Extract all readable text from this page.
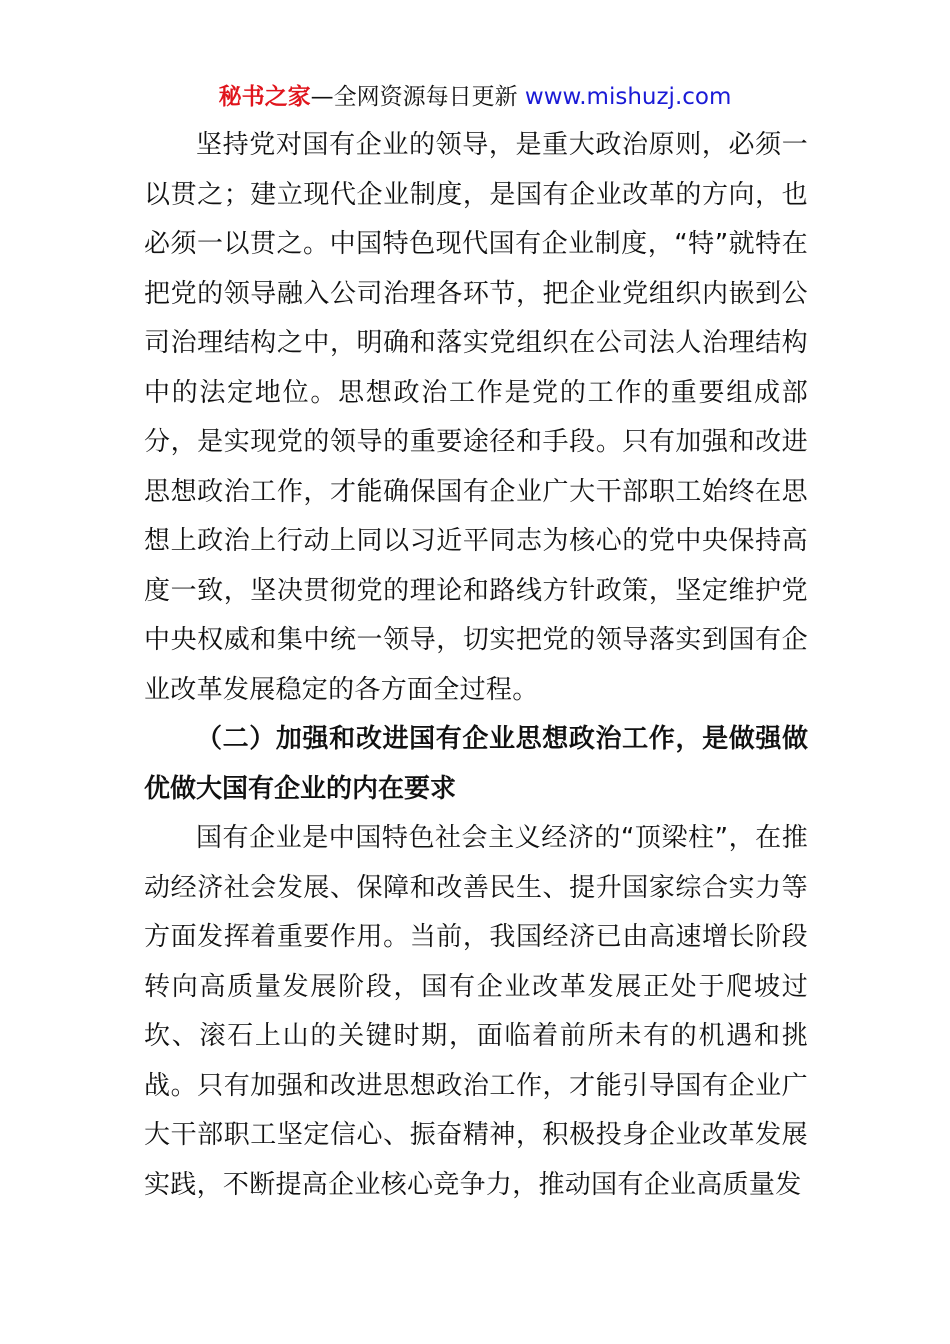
秘书之家—全网资源每日更新 www.mishuzj.com

坚持党对国有企业的领导，是重大政治原则，必须一以贯之；建立现代企业制度，是国有企业改革的方向，也必须一以贯之。中国特色现代国有企业制度，“特”就特在把党的领导融入公司治理各环节，把企业党组织内嵌到公司治理结构之中，明确和落实党组织在公司法人治理结构中的法定地位。思想政治工作是党的工作的重要组成部分，是实现党的领导的重要途径和手段。只有加强和改进思想政治工作，才能确保国有企业广大干部职工始终在思想上政治上行动上同以习近平同志为核心的党中央保持高度一致，坚决贯彻党的理论和路线方针政策，坚定维护党中央权威和集中统一领导，切实把党的领导落实到国有企业改革发展稳定的各方面全过程。

（二）加强和改进国有企业思想政治工作，是做强做优做大国有企业的内在要求

国有企业是中国特色社会主义经济的“顶梁柱”，在推动经济社会发展、保障和改善民生、提升国家综合实力等方面发挥着重要作用。当前，我国经济已由高速增长阶段转向高质量发展阶段，国有企业改革发展正处于爬坡过坎、滚石上山的关键时期，面临着前所未有的机遇和挑战。只有加强和改进思想政治工作，才能引导国有企业广大干部职工坚定信心、振奋精神，积极投身企业改革发展实践，不断提高企业核心竞争力，推动国有企业高质量发
